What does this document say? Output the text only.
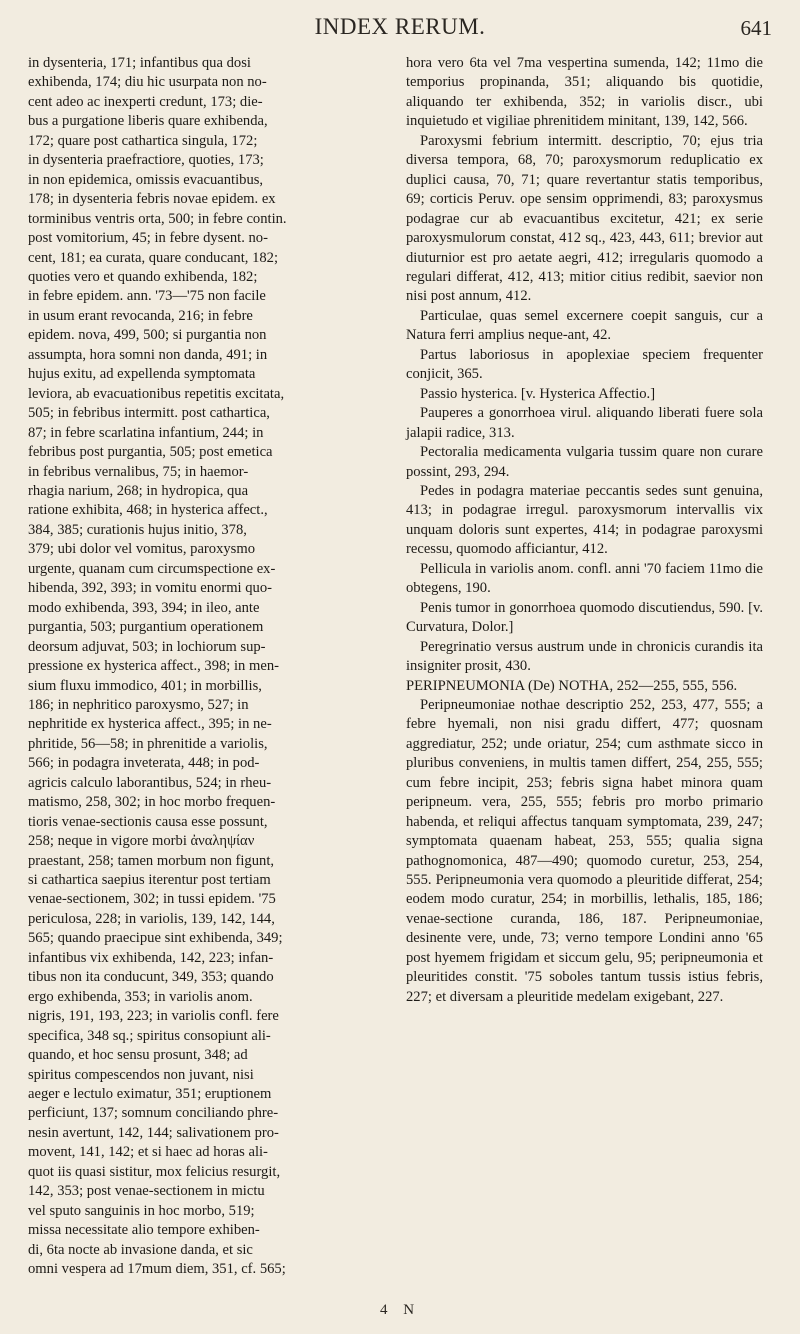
INDEX RERUM.	641

in dysenteria, 171; infantibus qua dosi

exhibenda, 174; diu hic usurpata non no-

cent adeo ac inexperti credunt, 173; die-

bus a purgatione liberis quare exhibenda,

172; quare post cathartica singula, 172;

in dysenteria praefractiore, quoties, 173;

in non epidemica, omissis evacuantibus,

178; in dysenteria febris novae epidem. ex

torminibus ventris orta, 500; in febre contin.

post vomitorium, 45; in febre dysent. no-

cent, 181; ea curata, quare conducant, 182;

quoties vero et quando exhibenda, 182;

in febre epidem. ann. '73—'75 non facile

in usum erant revocanda, 216; in febre

epidem. nova, 499, 500; si purgantia non

assumpta, hora somni non danda, 491; in

hujus exitu, ad expellenda symptomata

leviora, ab evacuationibus repetitis excitata,

505; in febribus intermitt. post cathartica,

87; in febre scarlatina infantium, 244; in

febribus post purgantia, 505; post emetica

in febribus vernalibus, 75; in haemor-

rhagia narium, 268; in hydropica, qua

ratione exhibita, 468; in hysterica affect.,

384, 385; curationis hujus initio, 378,

379; ubi dolor vel vomitus, paroxysmo

urgente, quanam cum circumspectione ex-

hibenda, 392, 393; in vomitu enormi quo-

modo exhibenda, 393, 394; in ileo, ante

purgantia, 503; purgantium operationem

deorsum adjuvat, 503; in lochiorum sup-

pressione ex hysterica affect., 398; in men-

sium fluxu immodico, 401; in morbillis,

186; in nephritico paroxysmo, 527; in

nephritide ex hysterica affect., 395; in ne-

phritide, 56—58; in phrenitide a variolis,

566; in podagra inveterata, 448; in pod-

agricis calculo laborantibus, 524; in rheu-

matismo, 258, 302; in hoc morbo frequen-

tioris venae-sectionis causa esse possunt,

258; neque in vigore morbi ἀναληψίαν

praestant, 258; tamen morbum non figunt,

si cathartica saepius iterentur post tertiam

venae-sectionem, 302; in tussi epidem. '75

periculosa, 228; in variolis, 139, 142, 144,

565; quando praecipue sint exhibenda, 349;

infantibus vix exhibenda, 142, 223; infan-

tibus non ita conducunt, 349, 353; quando

ergo exhibenda, 353; in variolis anom.

nigris, 191, 193, 223; in variolis confl. fere

specifica, 348 sq.; spiritus consopiunt ali-

quando, et hoc sensu prosunt, 348; ad

spiritus compescendos non juvant, nisi

aeger e lectulo eximatur, 351; eruptionem

perficiunt, 137; somnum conciliando phre-

nesin avertunt, 142, 144; salivationem pro-

movent, 141, 142; et si haec ad horas ali-

quot iis quasi sistitur, mox felicius resurgit,

142, 353; post venae-sectionem in mictu

vel sputo sanguinis in hoc morbo, 519;

missa necessitate alio tempore exhiben-

di, 6ta nocte ab invasione danda, et sic

omni vespera ad 17mum diem, 351, cf. 565;

hora vero 6ta vel 7ma vespertina sumenda, 142; 11mo die temporius propinanda, 351; aliquando bis quotidie, aliquando ter exhibenda, 352; in variolis discr., ubi inquietudo et vigiliae phrenitidem minitant, 139, 142, 566.

Paroxysmi febrium intermitt. descriptio, 70; ejus tria diversa tempora, 68, 70; paroxysmorum reduplicatio ex duplici causa, 70, 71; quare revertantur statis temporibus, 69; corticis Peruv. ope sensim opprimendi, 83; paroxysmus podagrae cur ab evacuantibus excitetur, 421; ex serie paroxysmulorum constat, 412 sq., 423, 443, 611; brevior aut diuturnior est pro aetate aegri, 412; irregularis quomodo a regulari differat, 412, 413; mitior citius redibit, saevior non nisi post annum, 412.

Particulae, quas semel excernere coepit sanguis, cur a Natura ferri amplius neque-ant, 42.

Partus laboriosus in apoplexiae speciem frequenter conjicit, 365.

Passio hysterica. [v. Hysterica Affectio.]

Pauperes a gonorrhoea virul. aliquando liberati fuere sola jalapii radice, 313.

Pectoralia medicamenta vulgaria tussim quare non curare possint, 293, 294.

Pedes in podagra materiae peccantis sedes sunt genuina, 413; in podagrae irregul. paroxysmorum intervallis vix unquam doloris sunt expertes, 414; in podagrae paroxysmi recessu, quomodo afficiantur, 412.

Pellicula in variolis anom. confl. anni '70 faciem 11mo die obtegens, 190.

Penis tumor in gonorrhoea quomodo discutiendus, 590. [v. Curvatura, Dolor.]

Peregrinatio versus austrum unde in chronicis curandis ita insigniter prosit, 430.

PERIPNEUMONIA (De) NOTHA, 252—255, 555, 556.

Peripneumoniae nothae descriptio 252, 253, 477, 555; a febre hyemali, non nisi gradu differt, 477; quosnam aggrediatur, 252; unde oriatur, 254; cum asthmate sicco in pluribus conveniens, in multis tamen differt, 254, 255, 555; cum febre incipit, 253; febris signa habet minora quam peripneum. vera, 255, 555; febris pro morbo primario habenda, et reliqui affectus tanquam symptomata, 239, 247; symptomata quaenam habeat, 253, 555; qualia signa pathognomonica, 487—490; quomodo curetur, 253, 254, 555. Peripneumonia vera quomodo a pleuritide differat, 254; eodem modo curatur, 254; in morbillis, lethalis, 185, 186; venae-sectione curanda, 186, 187. Peripneumoniae, desinente vere, unde, 73; verno tempore Londini anno '65 post hyemem frigidam et siccum gelu, 95; peripneumonia et pleuritides constit. '75 soboles tantum tussis istius febris, 227; et diversam a pleuritide medelam exigebant, 227.

4 N
